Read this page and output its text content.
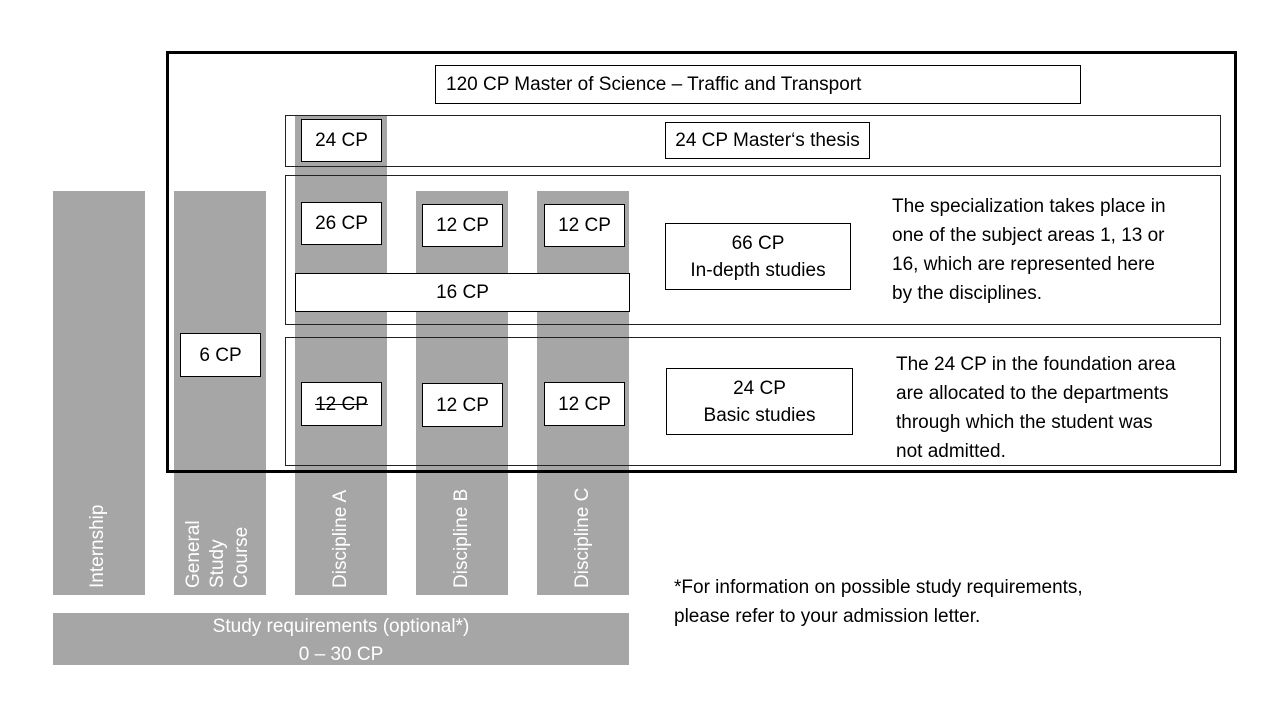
Internship	General
Study
Course	Discipline A	Discipline B	Discipline C
120 CP Master of Science – Traffic and Transport
24 CP	24 CP Master‘s thesis
26 CP	12 CP	12 CP
16 CP
66 CP
In-depth studies
The specialization takes place in
one of the subject areas 1, 13 or
16, which are represented here
by the disciplines.
6 CP
12 CP	12 CP	12 CP
24 CP
Basic studies
The 24 CP in the foundation area
are allocated to the departments
through which the student was
not admitted.
Study requirements (optional*)
0 – 30 CP
*For information on possible study requirements,
please refer to your admission letter.
